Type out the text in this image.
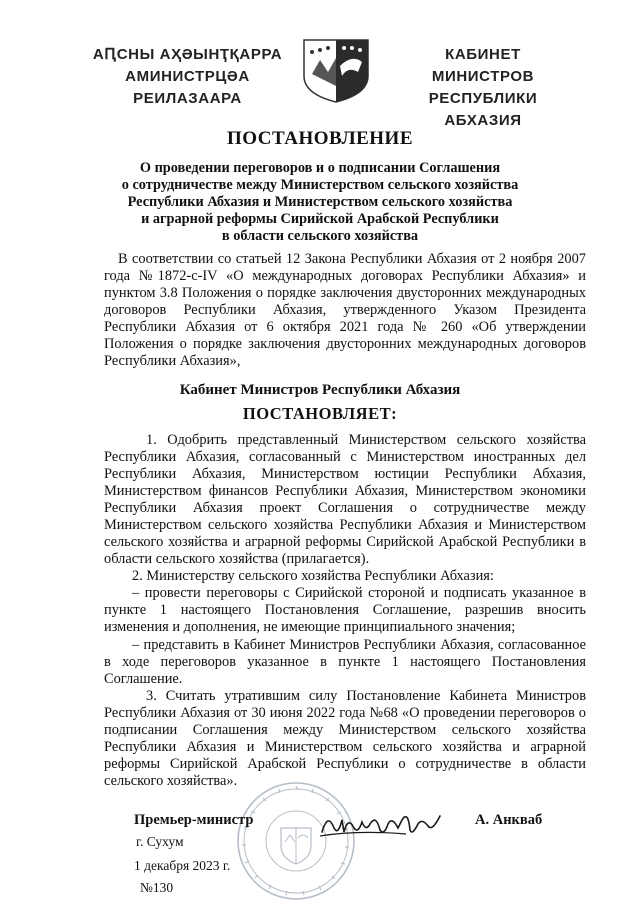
АԤСНЫ АҲӘЫНҬҚАРРА
АМИНИСТРЦӘА РЕИЛАЗААРА
КАБИНЕТ МИНИСТРОВ
РЕСПУБЛИКИ АБХАЗИЯ
ПОСТАНОВЛЕНИЕ
О проведении переговоров и о подписании Соглашения
о сотрудничестве между Министерством сельского хозяйства
Республики Абхазия и Министерством сельского хозяйства
и аграрной реформы Сирийской Арабской Республики
в области сельского хозяйства
В соответствии со статьей 12 Закона Республики Абхазия от 2 ноября 2007 года №1872-с-IV «О международных договорах Республики Абхазия» и пунктом 3.8 Положения о порядке заключения двусторонних международных договоров Республики Абхазия, утвержденного Указом Президента Республики Абхазия от 6 октября 2021 года № 260 «Об утверждении Положения о порядке заключения двусторонних международных договоров Республики Абхазия»,
Кабинет Министров Республики Абхазия
ПОСТАНОВЛЯЕТ:
1. Одобрить представленный Министерством сельского хозяйства Республики Абхазия, согласованный с Министерством иностранных дел Республики Абхазия, Министерством юстиции Республики Абхазия, Министерством финансов Республики Абхазия, Министерством экономики Республики Абхазия проект Соглашения о сотрудничестве между Министерством сельского хозяйства Республики Абхазия и Министерством сельского хозяйства и аграрной реформы Сирийской Арабской Республики в области сельского хозяйства (прилагается).
2. Министерству сельского хозяйства Республики Абхазия:
– провести переговоры с Сирийской стороной и подписать указанное в пункте 1 настоящего Постановления Соглашение, разрешив вносить изменения и дополнения, не имеющие принципиального значения;
– представить в Кабинет Министров Республики Абхазия, согласованное в ходе переговоров указанное в пункте 1 настоящего Постановления Соглашение.
3. Считать утратившим силу Постановление Кабинета Министров Республики Абхазия от 30 июня 2022 года №68 «О проведении переговоров о подписании Соглашения между Министерством сельского хозяйства Республики Абхазия и Министерством сельского хозяйства и аграрной реформы Сирийской Арабской Республики о сотрудничестве в области сельского хозяйства».
Премьер-министр	А. Анкваб
г. Сухум
1 декабря 2023 г.
№130
